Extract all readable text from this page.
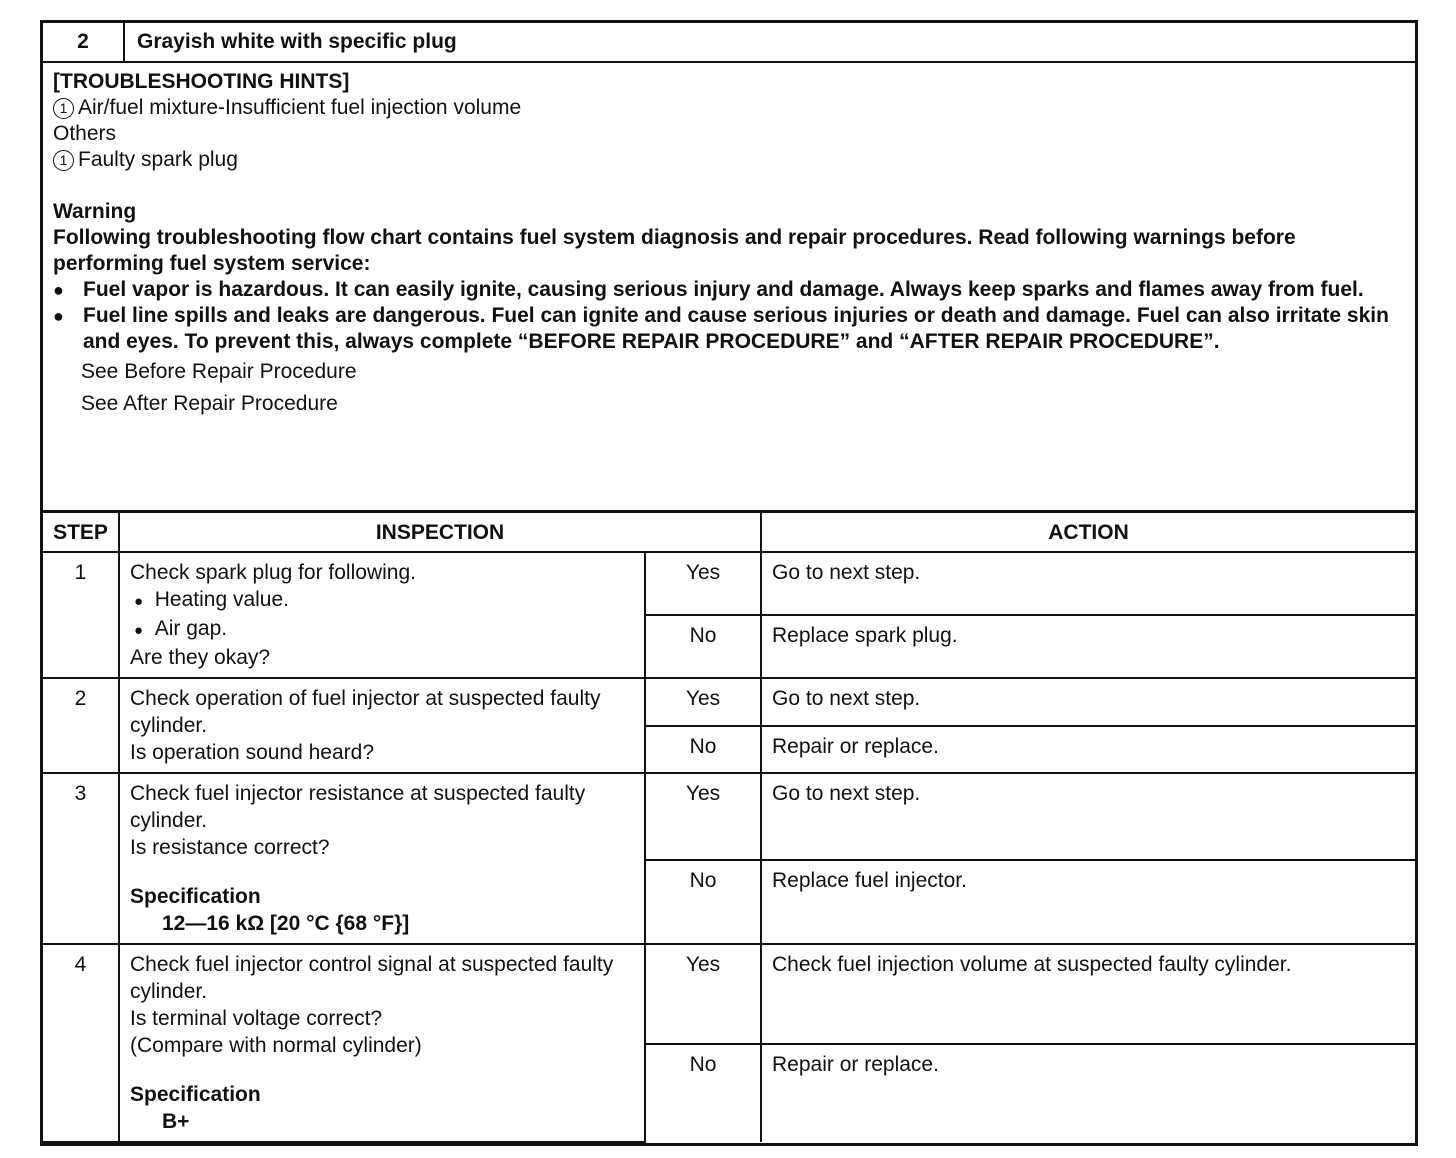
2	Grayish white with specific plug
[TROUBLESHOOTING HINTS]
1 Air/fuel mixture-Insufficient fuel injection volume
Others
1 Faulty spark plug
Warning
Following troubleshooting flow chart contains fuel system diagnosis and repair procedures. Read following warnings before performing fuel system service:
● Fuel vapor is hazardous. It can easily ignite, causing serious injury and damage. Always keep sparks and flames away from fuel.
● Fuel line spills and leaks are dangerous. Fuel can ignite and cause serious injuries or death and damage. Fuel can also irritate skin and eyes. To prevent this, always complete “BEFORE REPAIR PROCEDURE” and “AFTER REPAIR PROCEDURE”.
See Before Repair Procedure
See After Repair Procedure
STEP	INSPECTION		ACTION
1	Check spark plug for following.
● Heating value.
● Air gap.
Are they okay?	Yes	Go to next step.
		No	Replace spark plug.
2	Check operation of fuel injector at suspected faulty cylinder.
Is operation sound heard?	Yes	Go to next step.
		No	Repair or replace.
3	Check fuel injector resistance at suspected faulty cylinder.
Is resistance correct?
Specification
12—16 kΩ [20 °C {68 °F}]	Yes	Go to next step.
		No	Replace fuel injector.
4	Check fuel injector control signal at suspected faulty cylinder.
Is terminal voltage correct?
(Compare with normal cylinder)
Specification
B+	Yes	Check fuel injection volume at suspected faulty cylinder.
		No	Repair or replace.
